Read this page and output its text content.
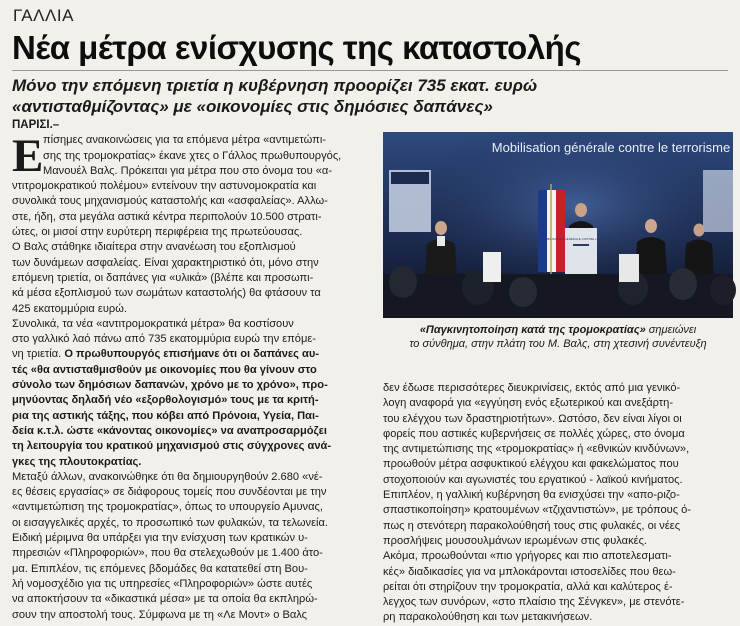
ΓΑΛΛΙΑ
Νέα μέτρα ενίσχυσης της καταστολής
Μόνο την επόμενη τριετία η κυβέρνηση προορίζει 735 εκατ. ευρώ
«αντισταθμίζοντας» με «οικονομίες στις δημόσιες δαπάνες»
Ε
ΠΑΡΙΣΙ.–
πίσημες ανακοινώσεις για τα επόμενα μέτρα «αντιμετώπι-
σης της τρομοκρατίας» έκανε χτες ο Γάλλος πρωθυπουργός,
Μανουέλ Βαλς. Πρόκειται για μέτρα που στο όνομα του «α-
ντιτρομοκρατικού πολέμου» εντείνουν την αστυνομοκρατία και
συνολικά τους μηχανισμούς καταστολής και «ασφαλείας». Αλλω-
στε, ήδη, στα μεγάλα αστικά κέντρα περιπολούν 10.500 στρατι-
ώτες, οι μισοί στην ευρύτερη περιφέρεια της πρωτεύουσας.
Ο Βαλς στάθηκε ιδιαίτερα στην ανανέωση του εξοπλισμού
των δυνάμεων ασφαλείας. Είναι χαρακτηριστικό ότι, μόνο στην
επόμενη τριετία, οι δαπάνες για «υλικά» (βλέπε και προσωπι-
κά μέσα εξοπλισμού των σωμάτων καταστολής) θα φτάσουν τα
425 εκατομμύρια ευρώ.
Συνολικά, τα νέα «αντιτρομοκρατικά μέτρα» θα κοστίσουν
στο γαλλικό λαό πάνω από 735 εκατομμύρια ευρώ την επόμε-
νη τριετία. Ο πρωθυπουργός επισήμανε ότι οι δαπάνες αυ-
τές «θα αντισταθμισθούν με οικονομίες που θα γίνουν στο
σύνολο των δημόσιων δαπανών, χρόνο με το χρόνο», προ-
μηνύοντας δηλαδή νέο «εξορθολογισμό» τους με τα κριτή-
ρια της αστικής τάξης, που κόβει από Πρόνοια, Υγεία, Παι-
δεία κ.τ.λ. ώστε «κάνοντας οικονομίες» να αναπροσαρμόζει
τη λειτουργία του κρατικού μηχανισμού στις σύγχρονες ανά-
γκες της πλουτοκρατίας.
Μεταξύ άλλων, ανακοινώθηκε ότι θα δημιουργηθούν 2.680 «νέ-
ες θέσεις εργασίας» σε διάφορους τομείς που συνδέονται με την
«αντιμετώπιση της τρομοκρατίας», όπως το υπουργείο Αμυνας,
οι εισαγγελικές αρχές, το προσωπικό των φυλακών, τα τελωνεία.
Ειδική μέριμνα θα υπάρξει για την ενίσχυση των κρατικών υ-
πηρεσιών «Πληροφοριών», που θα στελεχωθούν με 1.400 άτο-
μα. Επιπλέον, τις επόμενες βδομάδες θα κατατεθεί στη Βου-
λή νομοσχέδιο για τις υπηρεσίες «Πληροφοριών» ώστε αυτές
να αποκτήσουν τα «δικαστικά μέσα» με τα οποία θα εκπληρώ-
σουν την αποστολή τους. Σύμφωνα με τη «Λε Μοντ» ο Βαλς
Mobilisation générale contre le terrorisme
MOBILISATION GÉNÉRALE CONTRE LE TERRORISME
«Παγκινητοποίηση κατά της τρομοκρατίας» σημειώνει
το σύνθημα, στην πλάτη του Μ. Βαλς, στη χτεσινή συνέντευξη
δεν έδωσε περισσότερες διευκρινίσεις, εκτός από μια γενικό-
λογη αναφορά για «εγγύηση ενός εξωτερικού και ανεξάρτη-
του ελέγχου των δραστηριοτήτων». Ωστόσο, δεν είναι λίγοι οι
φορείς που αστικές κυβερνήσεις σε πολλές χώρες, στο όνομα
της αντιμετώπισης της «τρομοκρατίας» ή «εθνικών κινδύνων»,
προωθούν μέτρα ασφυκτικού ελέγχου και φακελώματος που
στοχοποιούν και αγωνιστές του εργατικού - λαϊκού κινήματος.
Επιπλέον, η γαλλική κυβέρνηση θα ενισχύσει την «απο-ριζο-
σπαστικοποίηση» κρατουμένων «τζιχαντιστών», με τρόπους ό-
πως η στενότερη παρακολούθησή τους στις φυλακές, οι νέες
προσλήψεις μουσουλμάνων ιερωμένων στις φυλακές.
Ακόμα, προωθούνται «πιο γρήγορες και πιο αποτελεσματι-
κές» διαδικασίες για να μπλοκάρονται ιστοσελίδες που θεω-
ρείται ότι στηρίζουν την τρομοκρατία, αλλά και καλύτερος έ-
λεγχος των συνόρων, «στο πλαίσιο της Σένγκεν», με στενότε-
ρη παρακολούθηση και των μετακινήσεων.
